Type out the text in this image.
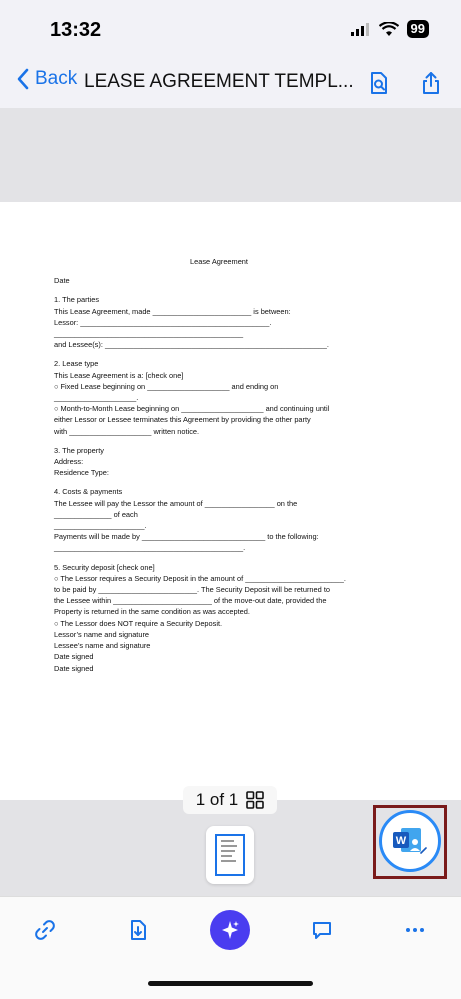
13:32	99
Back LEASE AGREEMENT TEMPL...
Lease Agreement
Date
1. The parties
This Lease Agreement, made ________________________ is between:
Lessor: ______________________________________________.
______________________________________________
and Lessee(s): ______________________________________________________.
2. Lease type
This Lease Agreement is a: [check one]
○ Fixed Lease beginning on ____________________ and ending on
____________________.
○ Month-to-Month Lease beginning on ____________________ and continuing until
either Lessor or Lessee terminates this Agreement by providing the other party
with ____________________ written notice.
3. The property
Address:
Residence Type:
4. Costs & payments
The Lessee will pay the Lessor the amount of _________________ on the
______________ of each
______________________.
Payments will be made by ______________________________ to the following:
______________________________________________.
5. Security deposit [check one]
○ The Lessor requires a Security Deposit in the amount of ________________________.
to be paid by ________________________. The Security Deposit will be returned to
the Lessee within ________________________ of the move-out date, provided the
Property is returned in the same condition as was accepted.
○ The Lessor does NOT require a Security Deposit.
Lessor’s name and signature
Lessee’s name and signature
Date signed
Date signed
1 of 1
W
